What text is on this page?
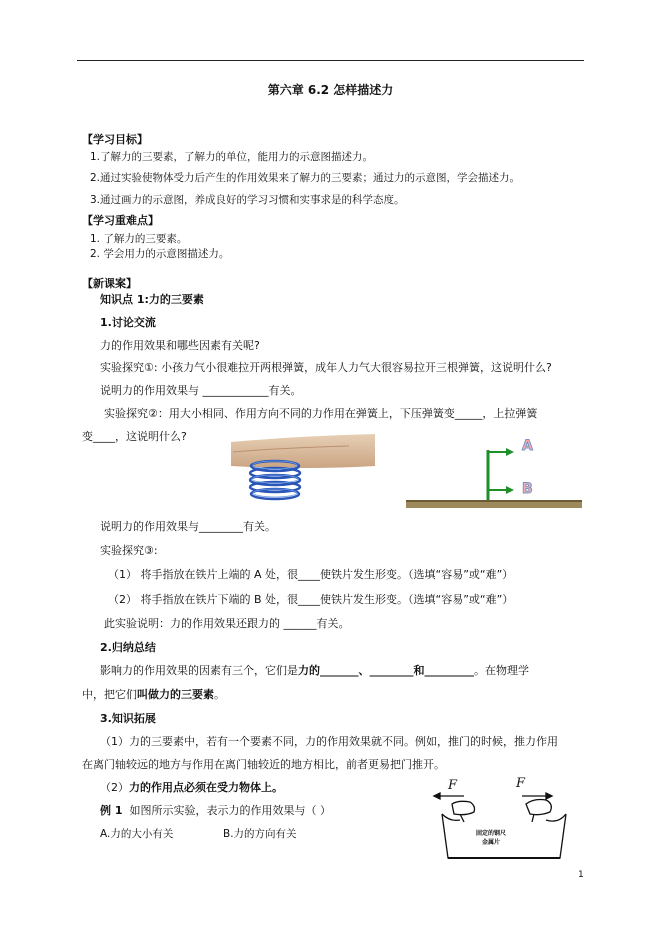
第六章 6.2 怎样描述力
【学习目标】
1.了解力的三要素，了解力的单位，能用力的示意图描述力。
2.通过实验使物体受力后产生的作用效果来了解力的三要素；通过力的示意图，学会描述力。
3.通过画力的示意图，养成良好的学习习惯和实事求是的科学态度。
【学习重难点】
1. 了解力的三要素。
2. 学会用力的示意图描述力。
【新课案】
知识点 1:力的三要素
1.讨论交流
力的作用效果和哪些因素有关呢?
实验探究①: 小孩力气小很难拉开两根弹簧，成年人力气大很容易拉开三根弹簧，这说明什么?
说明力的作用效果与 ____________有关。
实验探究②：用大小相同、作用方向不同的力作用在弹簧上，下压弹簧变_____，上拉弹簧
变____，这说明什么?
A
B
说明力的作用效果与________有关。
实验探究③:
（1） 将手指放在铁片上端的 A 处，很____使铁片发生形变。（选填“容易”或“难”）
（2） 将手指放在铁片下端的 B 处，很____使铁片发生形变。（选填“容易”或“难”）
此实验说明：力的作用效果还跟力的 ______有关。
2.归纳总结
影响力的作用效果的因素有三个，它们是力的_______、________和_________。在物理学
中，把它们叫做力的三要素。
3.知识拓展
（1）力的三要素中，若有一个要素不同，力的作用效果就不同。例如，推门的时候，推力作用
在离门轴较远的地方与作用在离门轴较近的地方相比，前者更易把门推开。
（2）力的作用点必须在受力物体上。
例 1 如图所示实验，表示力的作用效果与（ ）
A.力的大小有关	B.力的方向有关
F	F
固定的钢尺
金属片
1
